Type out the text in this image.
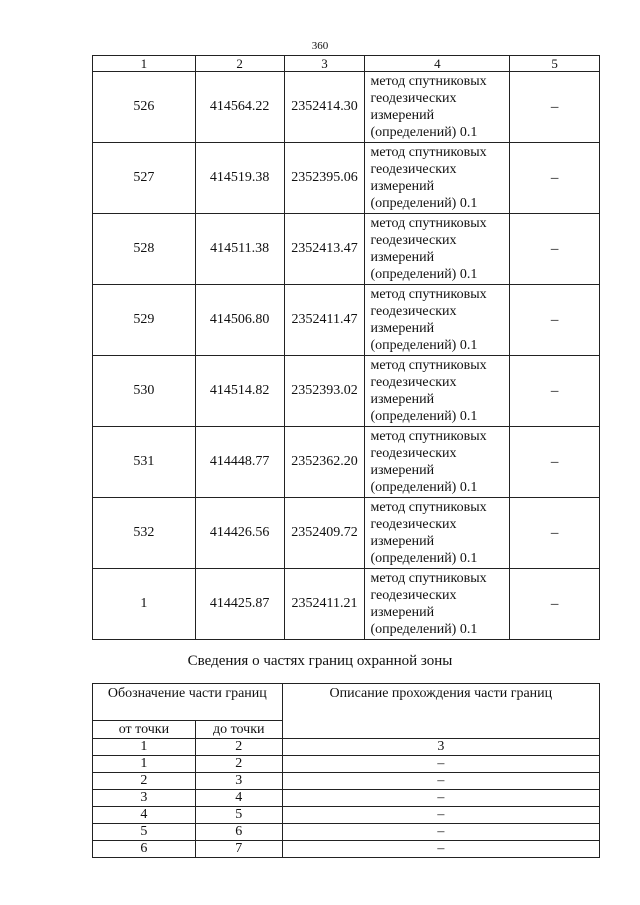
360
1	2	3	4	5
526	414564.22	2352414.30	метод спутниковых
геодезических
измерений
(определений) 0.1	–
527	414519.38	2352395.06	метод спутниковых
геодезических
измерений
(определений) 0.1	–
528	414511.38	2352413.47	метод спутниковых
геодезических
измерений
(определений) 0.1	–
529	414506.80	2352411.47	метод спутниковых
геодезических
измерений
(определений) 0.1	–
530	414514.82	2352393.02	метод спутниковых
геодезических
измерений
(определений) 0.1	–
531	414448.77	2352362.20	метод спутниковых
геодезических
измерений
(определений) 0.1	–
532	414426.56	2352409.72	метод спутниковых
геодезических
измерений
(определений) 0.1	–
1	414425.87	2352411.21	метод спутниковых
геодезических
измерений
(определений) 0.1	–
Сведения о частях границ охранной зоны
Обозначение части границ		Описание прохождения части границ
от точки	до точки	
1	2	3
1	2	–
2	3	–
3	4	–
4	5	–
5	6	–
6	7	–
